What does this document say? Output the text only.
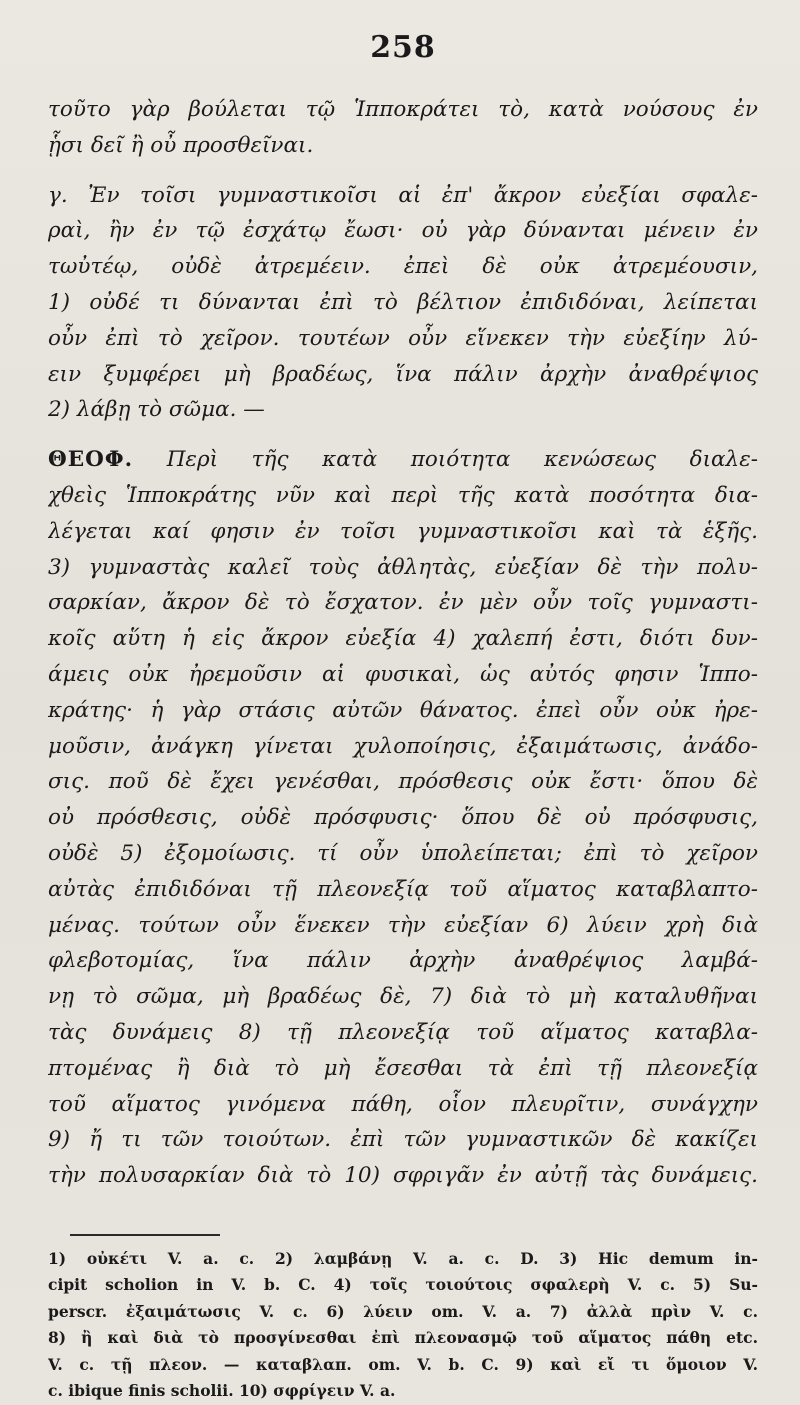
258
τοῦτο γὰρ βούλεται τῷ Ἱπποκράτει τὸ, κατὰ νούσους ἐν
ᾗσι δεῖ ἢ οὖ προσθεῖναι.
γ. Ἐν τοῖσι γυμναστικοῖσι αἱ ἐπ' ἄκρον εὐεξίαι σφαλε-
ραὶ, ἢν ἐν τῷ ἐσχάτῳ ἔωσι· οὐ γὰρ δύνανται μένειν ἐν
τωὐτέῳ, οὐδὲ ἀτρεμέειν. ἐπεὶ δὲ οὐκ ἀτρεμέουσιν,
1) οὐδέ τι δύνανται ἐπὶ τὸ βέλτιον ἐπιδιδόναι, λείπεται
οὖν ἐπὶ τὸ χεῖρον. τουτέων οὖν εἵνεκεν τὴν εὐεξίην λύ-
ειν ξυμφέρει μὴ βραδέως, ἵνα πάλιν ἀρχὴν ἀναθρέψιος
2) λάβῃ τὸ σῶμα. —
ΘΕΟΦ. Περὶ τῆς κατὰ ποιότητα κενώσεως διαλε-
χθεὶς Ἱπποκράτης νῦν καὶ περὶ τῆς κατὰ ποσότητα δια-
λέγεται καί φησιν ἐν τοῖσι γυμναστικοῖσι καὶ τὰ ἑξῆς.
3) γυμναστὰς καλεῖ τοὺς ἀθλητὰς, εὐεξίαν δὲ τὴν πολυ-
σαρκίαν, ἄκρον δὲ τὸ ἔσχατον. ἐν μὲν οὖν τοῖς γυμναστι-
κοῖς αὕτη ἡ εἰς ἄκρον εὐεξία 4) χαλεπή ἐστι, διότι δυν-
άμεις οὐκ ἠρεμοῦσιν αἱ φυσικαὶ, ὡς αὐτός φησιν Ἱππο-
κράτης· ἡ γὰρ στάσις αὐτῶν θάνατος. ἐπεὶ οὖν οὐκ ἠρε-
μοῦσιν, ἀνάγκη γίνεται χυλοποίησις, ἐξαιμάτωσις, ἀνάδο-
σις. ποῦ δὲ ἔχει γενέσθαι, πρόσθεσις οὐκ ἔστι· ὅπου δὲ
οὐ πρόσθεσις, οὐδὲ πρόσφυσις· ὅπου δὲ οὐ πρόσφυσις,
οὐδὲ 5) ἐξομοίωσις. τί οὖν ὑπολείπεται; ἐπὶ τὸ χεῖρον
αὐτὰς ἐπιδιδόναι τῇ πλεονεξίᾳ τοῦ αἵματος καταβλαπτο-
μένας. τούτων οὖν ἕνεκεν τὴν εὐεξίαν 6) λύειν χρὴ διὰ
φλεβοτομίας, ἵνα πάλιν ἀρχὴν ἀναθρέψιος λαμβά-
νῃ τὸ σῶμα, μὴ βραδέως δὲ, 7) διὰ τὸ μὴ καταλυθῆναι
τὰς δυνάμεις 8) τῇ πλεονεξίᾳ τοῦ αἵματος καταβλα-
πτομένας ἢ διὰ τὸ μὴ ἔσεσθαι τὰ ἐπὶ τῇ πλεονεξίᾳ
τοῦ αἵματος γινόμενα πάθη, οἷον πλευρῖτιν, συνάγχην
9) ἤ τι τῶν τοιούτων. ἐπὶ τῶν γυμναστικῶν δὲ κακίζει
τὴν πολυσαρκίαν διὰ τὸ 10) σφριγᾶν ἐν αὐτῇ τὰς δυνάμεις.
1) οὐκέτι V. a. c. 2) λαμβάνῃ V. a. c. D. 3) Hic demum in-
cipit scholion in V. b. C. 4) τοῖς τοιούτοις σφαλερὴ V. c. 5) Su-
perscr. ἐξαιμάτωσις V. c. 6) λύειν om. V. a. 7) ἀλλὰ πρὶν V. c.
8) ἢ καὶ διὰ τὸ προσγίνεσθαι ἐπὶ πλεονασμῷ τοῦ αἵματος πάθη etc.
V. c. τῇ πλεον. — καταβλαπ. om. V. b. C. 9) καὶ εἴ τι ὅμοιον V.
c. ibique finis scholii. 10) σφρίγειν V. a.
